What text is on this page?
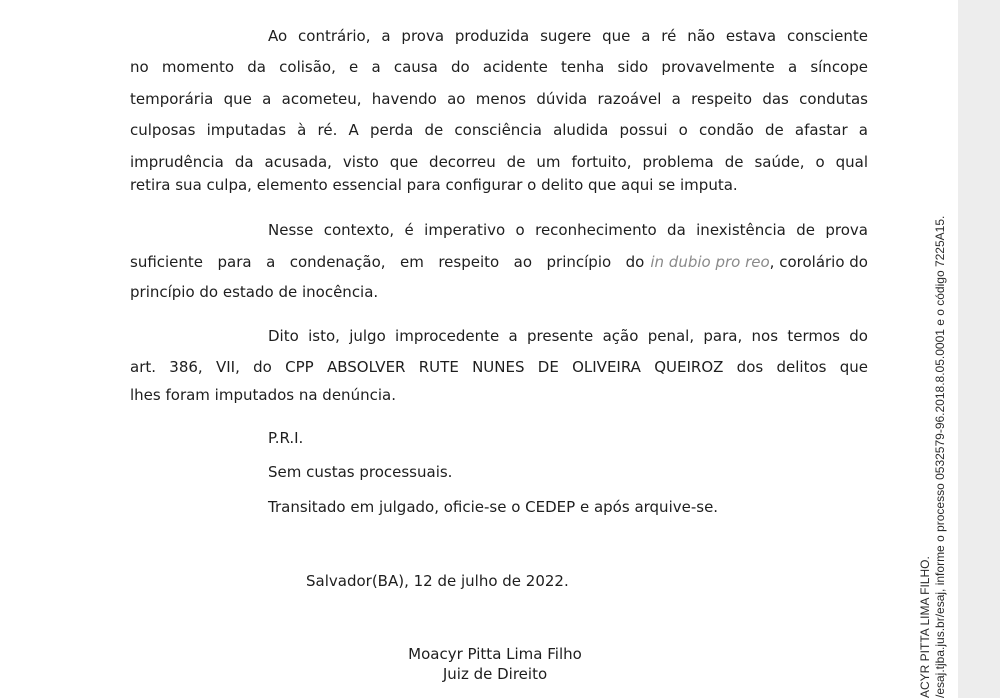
Ao contrário, a prova produzida sugere que a ré não estava consciente
no momento da colisão, e a causa do acidente tenha sido provavelmente a síncope
temporária que a acometeu, havendo ao menos dúvida razoável a respeito das condutas
culposas imputadas à ré. A perda de consciência aludida possui o condão de afastar a
imprudência da acusada, visto que decorreu de um fortuito, problema de saúde, o qual
retira sua culpa, elemento essencial para configurar o delito que aqui se imputa.
Nesse contexto, é imperativo o reconhecimento da inexistência de prova
suficiente para a condenação, em respeito ao princípio do in dubio pro reo, corolário do
princípio do estado de inocência.
Dito isto, julgo improcedente a presente ação penal, para, nos termos do
art. 386, VII, do CPP ABSOLVER RUTE NUNES DE OLIVEIRA QUEIROZ dos delitos que
lhes foram imputados na denúncia.
P.R.I.
Sem custas processuais.
Transitado em julgado, oficie-se o CEDEP e após arquive-se.
Salvador(BA), 12 de julho de 2022.
Moacyr Pitta Lima Filho
Juiz de Direito	ACYR PITTA LIMA FILHO. /esaj.tjba.jus.br/esaj, informe o processo 0532579-96.2018.8.05.0001 e o código 7225A15.
